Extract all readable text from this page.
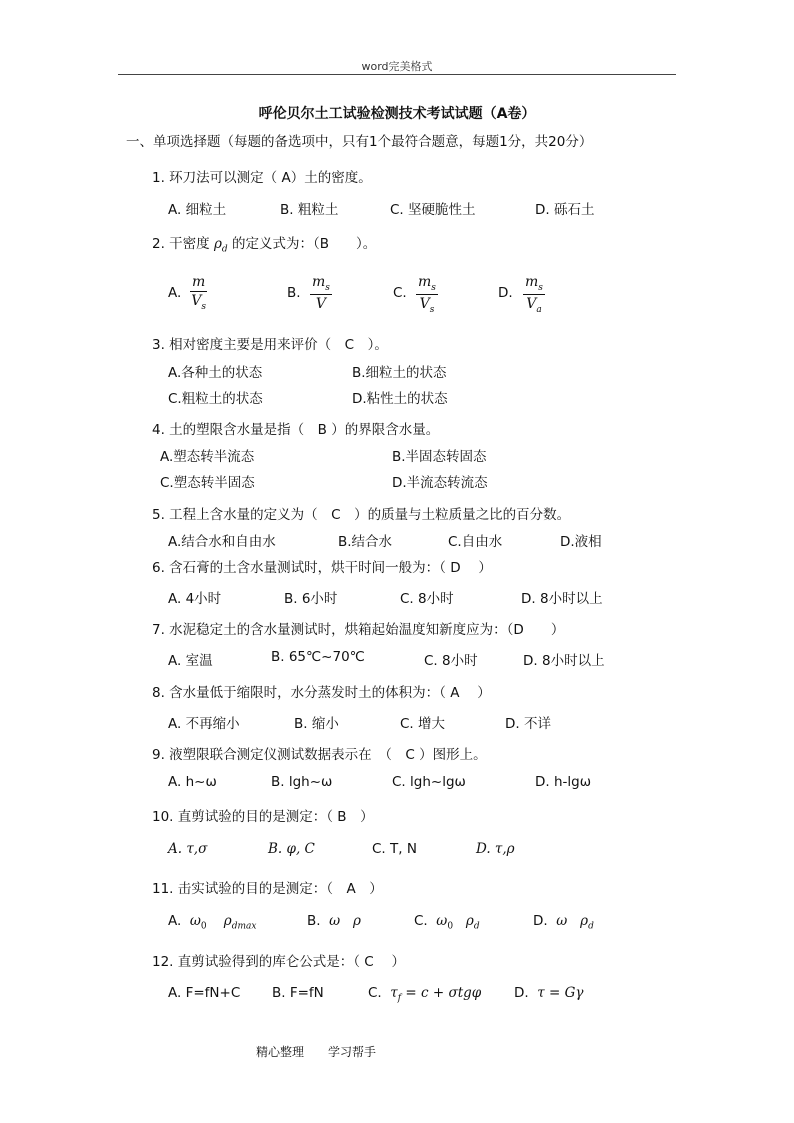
word完美格式
呼伦贝尔土工试验检测技术考试试题（A卷）
一、单项选择题（每题的备选项中，只有1个最符合题意，每题1分，共20分）
1. 环刀法可以测定（ A）土的密度。
A. 细粒土	B. 粗粒土	C. 坚硬脆性土	D. 砾石土
2. 干密度 $\rho_d$ 的定义式为：（B　　）。
A. $\frac{m}{V_s}$	B. $\frac{m_s}{V}$	C. $\frac{m_s}{V_s}$	D. $\frac{m_s}{V_a}$
3. 相对密度主要是用来评价（　C　）。
A.各种土的状态	B.细粒土的状态
C.粗粒土的状态	D.粘性土的状态
4. 土的塑限含水量是指（　B ）的界限含水量。
A.塑态转半流态	B.半固态转固态
C.塑态转半固态	D.半流态转流态
5. 工程上含水量的定义为（　C　）的质量与土粒质量之比的百分数。
A.结合水和自由水	B.结合水	C.自由水	D.液相
6. 含石膏的土含水量测试时，烘干时间一般为：（ D　 ）
A. 4小时	B. 6小时	C. 8小时	D. 8小时以上
7. 水泥稳定土的含水量测试时，烘箱起始温度知新度应为：（D　　）
A. 室温	B. 65℃~70℃	C. 8小时	D. 8小时以上
8. 含水量低于缩限时，水分蒸发时土的体积为：（ A　 ）
A. 不再缩小	B. 缩小	C. 增大	D. 不详
9. 液塑限联合测定仪测试数据表示在　（　C ）图形上。
A. h~ω	B. lgh~ω	C. lgh~lgω	D. h-lgω
10. 直剪试验的目的是测定：（ B　）
A. τ,σ	B. φ, C	C. T, N	D. τ,ρ
11. 击实试验的目的是测定：（　A　）
A.  $\omega_0$    $\rho_{dmax}$	B.  ω   ρ	C.  $\omega_0$   $\rho_d$	D.  ω   $\rho_d$
12. 直剪试验得到的库仑公式是：（ C　 ）
A. F=fN+C B. F=fN	C.  $\tau_f = c + \sigma tg\varphi$ D.  τ = Gγ
精心整理　　学习帮手
